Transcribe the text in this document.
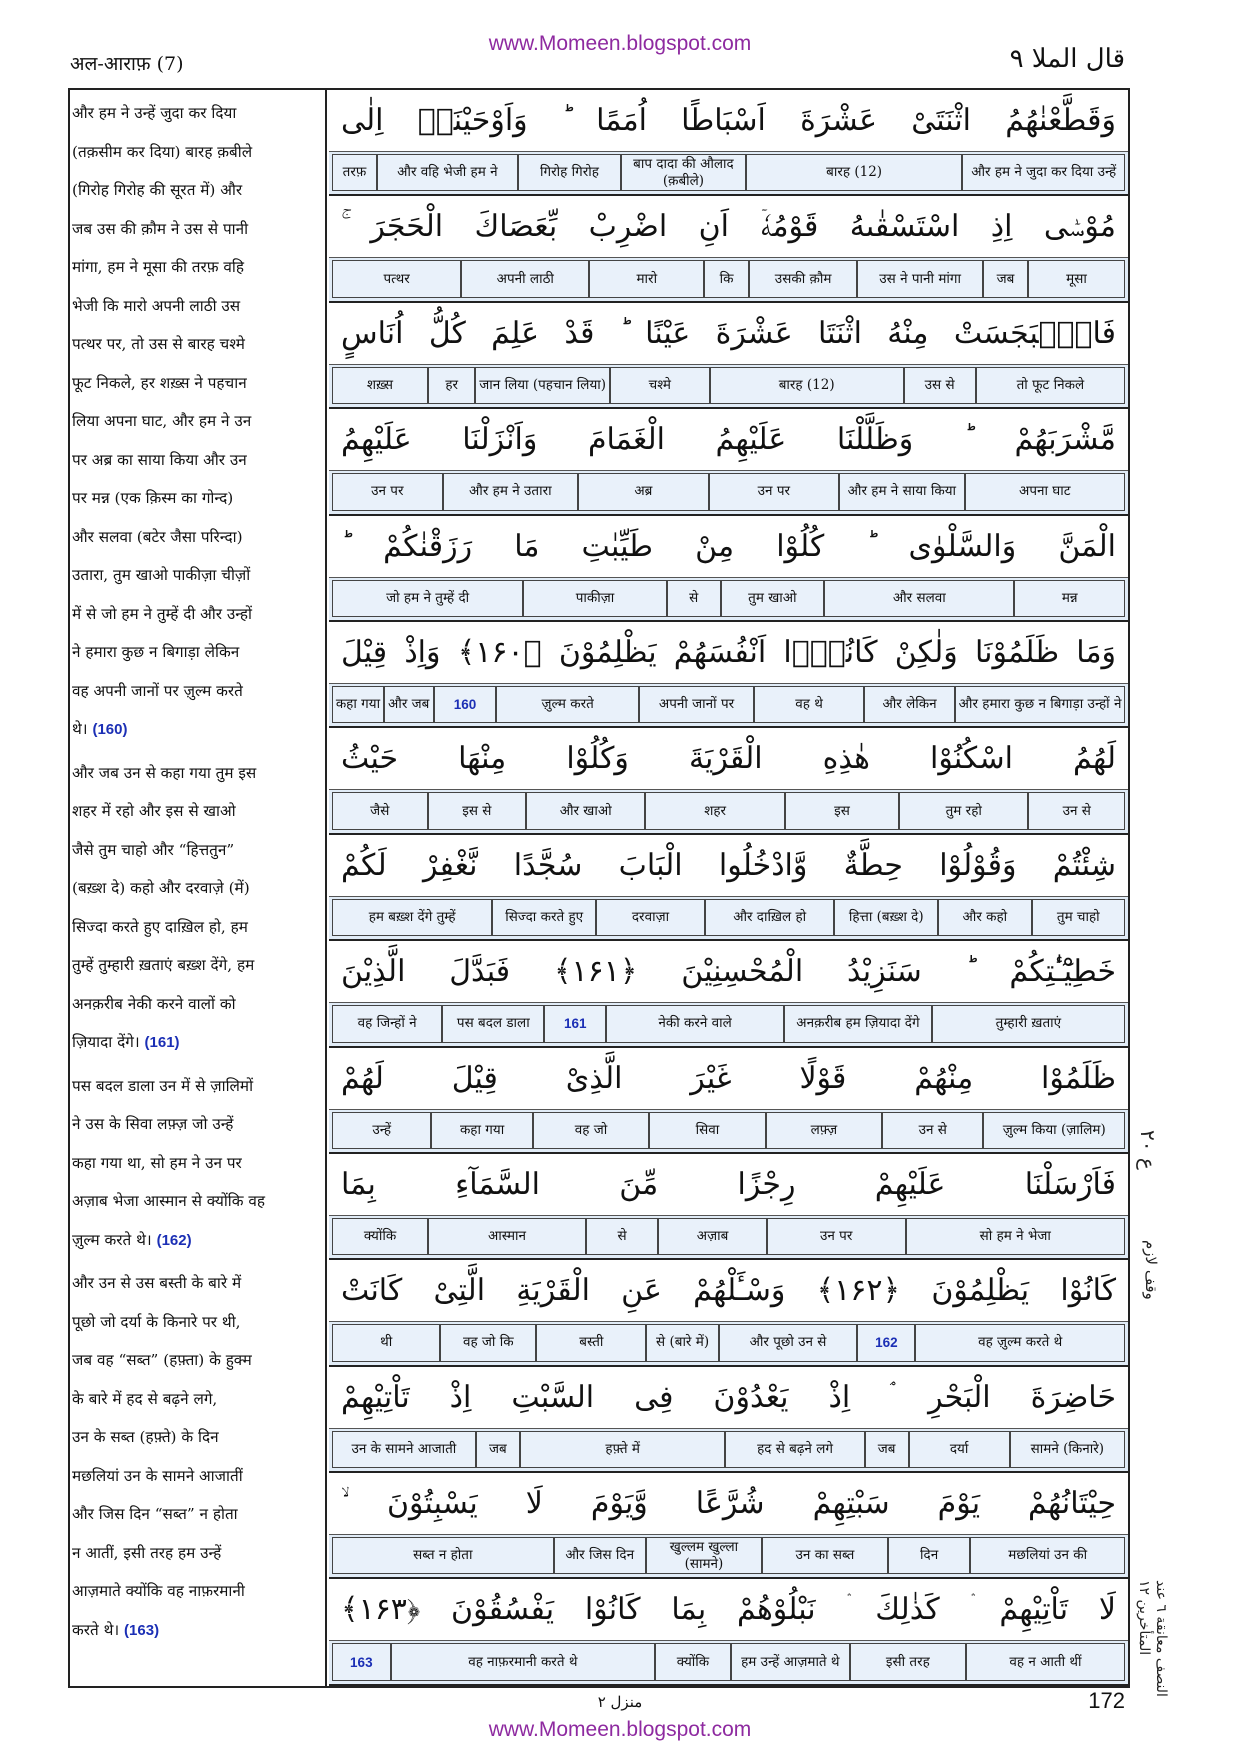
www.Momeen.blogspot.com
अल-आराफ़ (7)	قال الملا ٩
और हम ने उन्हें जुदा कर दिया
(तक़सीम कर दिया) बारह क़बीले
(गिरोह गिरोह की सूरत में) और
जब उस की क़ौम ने उस से पानी
मांगा, हम ने मूसा की तरफ़ वहि
भेजी कि मारो अपनी लाठी उस
पत्थर पर, तो उस से बारह चश्मे
फूट निकले, हर शख़्स ने पहचान
लिया अपना घाट, और हम ने उन
पर अब्र का साया किया और उन
पर मन्न (एक क़िस्म का गोन्द)
और सलवा (बटेर जैसा परिन्दा)
उतारा, तुम खाओ पाकीज़ा चीज़ों
में से जो हम ने तुम्हें दी और उन्हों
ने हमारा कुछ न बिगाड़ा लेकिन
वह अपनी जानों पर ज़ुल्म करते
थे। (160)
और जब उन से कहा गया तुम इस
शहर में रहो और इस से खाओ
जैसे तुम चाहो और “हित्ततुन”
(बख़्श दे) कहो और दरवाज़े (में)
सिज्दा करते हुए दाख़िल हो, हम
तुम्हें तुम्हारी ख़ताएं बख़्श देंगे, हम
अनक़रीब नेकी करने वालों को
ज़ियादा देंगे। (161)
पस बदल डाला उन में से ज़ालिमों
ने उस के सिवा लफ़्ज़ जो उन्हें
कहा गया था, सो हम ने उन पर
अज़ाब भेजा आस्मान से क्योंकि वह
ज़ुल्म करते थे। (162)
और उन से उस बस्ती के बारे में
पूछो जो दर्या के किनारे पर थी,
जब वह “सब्त” (हफ़्ता) के हुक्म
के बारे में हद से बढ़ने लगे,
उन के सब्त (हफ़्ते) के दिन
मछलियां उन के सामने आजातीं
और जिस दिन “सब्त” न होता
न आतीं, इसी तरह हम उन्हें
आज़माते क्योंकि वह नाफ़रमानी
करते थे। (163)
وَقَطَّعْنٰهُمُ اثْنَتَیْ عَشْرَةَ اَسْبَاطًا اُمَمًا ؕ وَاَوْحَیْنَاۤ اِلٰی
और हम ने जुदा कर दिया उन्हें
बारह (12)
बाप दादा की औलाद (क़बीले)
गिरोह गिरोह
और वहि भेजी हम ने
तरफ़
مُوْسٰۤی اِذِ اسْتَسْقٰىهُ قَوْمُهٗۤ اَنِ اضْرِبْ بِّعَصَاكَ الْحَجَرَ ۚ
मूसा
जब
उस ने पानी मांगा
उसकी क़ौम
कि
मारो
अपनी लाठी
पत्थर
فَانْۢبَجَسَتْ مِنْهُ اثْنَتَا عَشْرَةَ عَیْنًا ؕ قَدْ عَلِمَ كُلُّ اُنَاسٍ
तो फूट निकले
उस से
बारह (12)
चश्मे
जान लिया (पहचान लिया)
हर
शख़्स
مَّشْرَبَهُمْ ؕ وَظَلَّلْنَا عَلَیْهِمُ الْغَمَامَ وَاَنْزَلْنَا عَلَیْهِمُ
अपना घाट
और हम ने साया किया
उन पर
अब्र
और हम ने उतारा
उन पर
الْمَنَّ وَالسَّلْوٰی ؕ كُلُوْا مِنْ طَیِّبٰتِ مَا رَزَقْنٰكُمْ ؕ
मन्न
और सलवा
तुम खाओ
से
पाकीज़ा
जो हम ने तुम्हें दी
وَمَا ظَلَمُوْنَا وَلٰكِنْ كَانُوْۤا اَنْفُسَهُمْ یَظْلِمُوْنَ ﴿۱۶۰﴾ وَاِذْ قِیْلَ
और हमारा कुछ न बिगाड़ा उन्हों ने
और लेकिन
वह थे
अपनी जानों पर
ज़ुल्म करते
160
और जब
कहा गया
لَهُمُ اسْكُنُوْا هٰذِهِ الْقَرْیَةَ وَكُلُوْا مِنْهَا حَیْثُ
उन से
तुम रहो
इस
शहर
और खाओ
इस से
जैसे
شِئْتُمْ وَقُوْلُوْا حِطَّةٌ وَّادْخُلُوا الْبَابَ سُجَّدًا نَّغْفِرْ لَكُمْ
तुम चाहो
और कहो
हित्ता (बख़्श दे)
और दाख़िल हो
दरवाज़ा
सिज्दा करते हुए
हम बख़्श देंगे तुम्हें
خَطِیْٓـٰٔتِكُمْ ؕ سَنَزِیْدُ الْمُحْسِنِیْنَ ﴿۱۶۱﴾ فَبَدَّلَ الَّذِیْنَ
तुम्हारी ख़ताएं
अनक़रीब हम ज़ियादा देंगे
नेकी करने वाले
161
पस बदल डाला
वह जिन्हों ने
ظَلَمُوْا مِنْهُمْ قَوْلًا غَیْرَ الَّذِیْ قِیْلَ لَهُمْ
ज़ुल्म किया (ज़ालिम)
उन से
लफ़्ज़
सिवा
वह जो
कहा गया
उन्हें
فَاَرْسَلْنَا عَلَیْهِمْ رِجْزًا مِّنَ السَّمَآءِ بِمَا
सो हम ने भेजा
उन पर
अज़ाब
से
आस्मान
क्योंकि
كَانُوْا یَظْلِمُوْنَ ﴿۱۶۲﴾ وَسْـَٔلْهُمْ عَنِ الْقَرْیَةِ الَّتِیْ كَانَتْ
वह ज़ुल्म करते थे
162
और पूछो उन से
से (बारे में)
बस्ती
वह जो कि
थी
حَاضِرَةَ الْبَحْرِ ۘ اِذْ یَعْدُوْنَ فِی السَّبْتِ اِذْ تَاْتِیْهِمْ
सामने (किनारे)
दर्या
जब
हद से बढ़ने लगे
हफ़्ते में
जब
उन के सामने आजाती
حِیْتَانُهُمْ یَوْمَ سَبْتِهِمْ شُرَّعًا وَّیَوْمَ لَا یَسْبِتُوْنَ ۙ
मछलियां उन की
दिन
उन का सब्त
खुल्लम खुल्ला (सामने)
और जिस दिन
सब्त न होता
لَا تَاْتِیْهِمْ ۛ كَذٰلِكَ ۛ نَبْلُوْهُمْ بِمَا كَانُوْا یَفْسُقُوْنَ ﴿۱۶۳﴾
वह न आती थीं
इसी तरह
हम उन्हें आज़माते थे
क्योंकि
वह नाफ़रमानी करते थे
163
ع ٢٠
وقف لازم
النصف معانقة ٦ عند المتأخرين ١٢
منزل ٢	172
www.Momeen.blogspot.com
